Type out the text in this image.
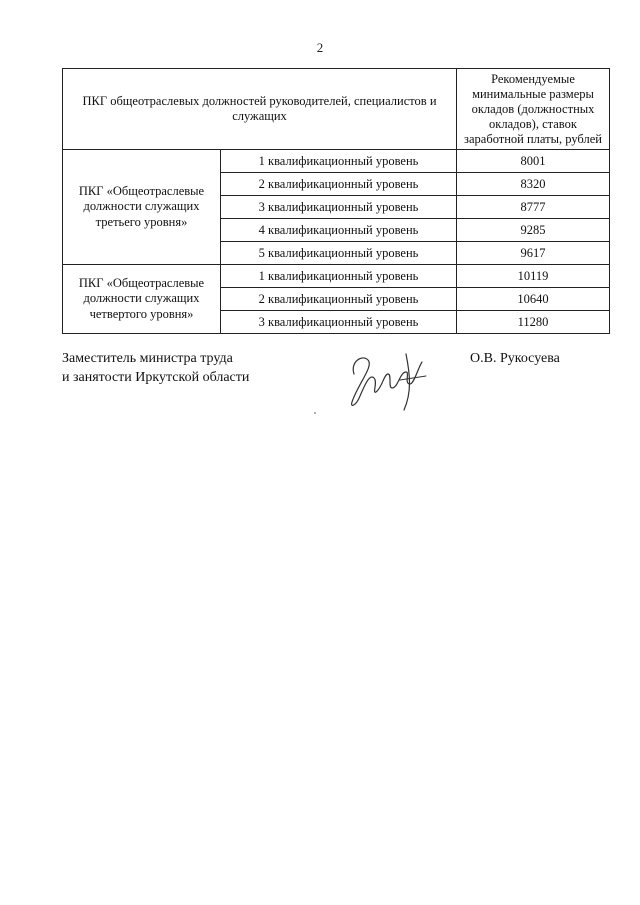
2
ПКГ общеотраслевых должностей руководителей, специалистов и служащих		Рекомендуемые минимальные размеры окладов (должностных окладов), ставок заработной платы, рублей
ПКГ «Общеотраслевые должности служащих третьего уровня»	1 квалификационный уровень	8001
	2 квалификационный уровень	8320
	3 квалификационный уровень	8777
	4 квалификационный уровень	9285
	5 квалификационный уровень	9617
ПКГ «Общеотраслевые должности служащих четвертого уровня»	1 квалификационный уровень	10119
	2 квалификационный уровень	10640
	3 квалификационный уровень	11280
Заместитель министра труда
и занятости Иркутской области
О.В. Рукосуева
